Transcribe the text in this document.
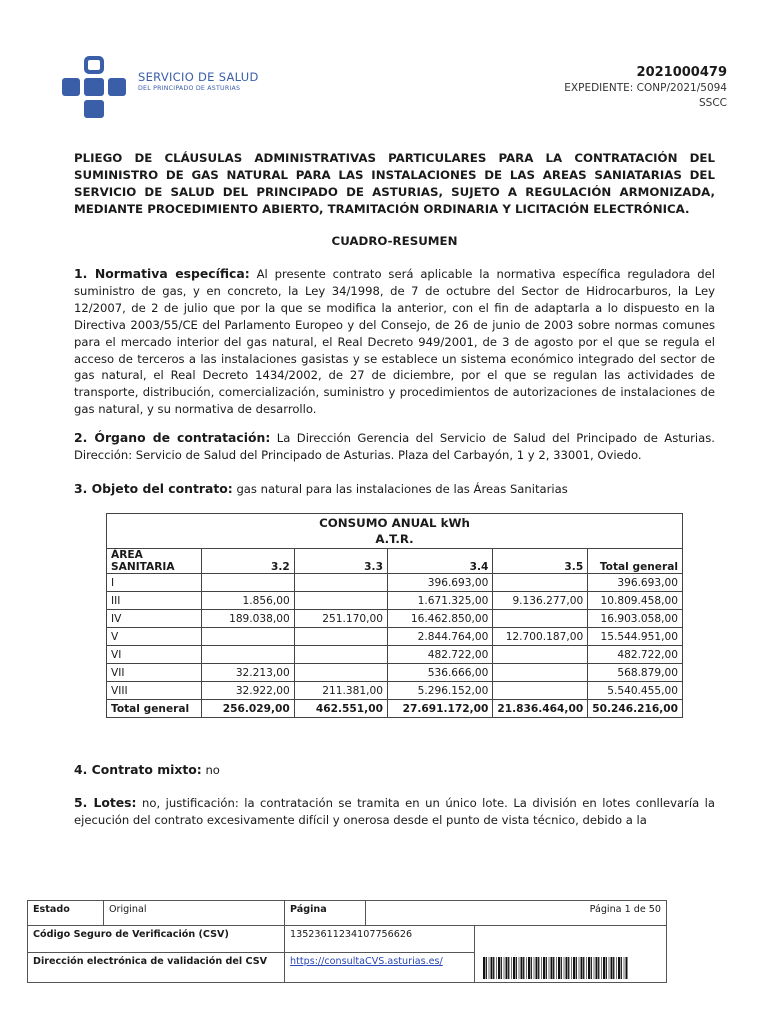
SERVICIO DE SALUD
DEL PRINCIPADO DE ASTURIAS
2021000479
EXPEDIENTE: CONP/2021/5094
SSCC
PLIEGO DE CLÁUSULAS ADMINISTRATIVAS PARTICULARES PARA LA CONTRATACIÓN DEL SUMINISTRO DE GAS NATURAL PARA LAS INSTALACIONES DE LAS AREAS SANIATARIAS DEL SERVICIO DE SALUD DEL PRINCIPADO DE ASTURIAS, SUJETO A REGULACIÓN ARMONIZADA, MEDIANTE PROCEDIMIENTO ABIERTO, TRAMITACIÓN ORDINARIA Y LICITACIÓN ELECTRÓNICA.
CUADRO-RESUMEN
1. Normativa específica: Al presente contrato será aplicable la normativa específica reguladora del suministro de gas, y en concreto, la Ley 34/1998, de 7 de octubre del Sector de Hidrocarburos, la Ley 12/2007, de 2 de julio que por la que se modifica la anterior, con el fin de adaptarla a lo dispuesto en la Directiva 2003/55/CE del Parlamento Europeo y del Consejo, de 26 de junio de 2003 sobre normas comunes para el mercado interior del gas natural, el Real Decreto 949/2001, de 3 de agosto por el que se regula el acceso de terceros a las instalaciones gasistas y se establece un sistema económico integrado del sector de gas natural, el Real Decreto 1434/2002, de 27 de diciembre, por el que se regulan las actividades de transporte, distribución, comercialización, suministro y procedimientos de autorizaciones de instalaciones de gas natural, y su normativa de desarrollo.
2. Órgano de contratación: La Dirección Gerencia del Servicio de Salud del Principado de Asturias. Dirección: Servicio de Salud del Principado de Asturias. Plaza del Carbayón, 1 y 2, 33001, Oviedo.
3. Objeto del contrato: gas natural para las instalaciones de las Áreas Sanitarias
CONSUMO ANUAL kWh
A.T.R.					

ÁREA
SANITARIA	3.2	3.3	3.4	3.5	Total general
I			396.693,00		396.693,00
III	1.856,00		1.671.325,00	9.136.277,00	10.809.458,00
IV	189.038,00	251.170,00	16.462.850,00		16.903.058,00
V			2.844.764,00	12.700.187,00	15.544.951,00
VI			482.722,00		482.722,00
VII	32.213,00		536.666,00		568.879,00
VIII	32.922,00	211.381,00	5.296.152,00		5.540.455,00
Total general	256.029,00	462.551,00	27.691.172,00	21.836.464,00	50.246.216,00
4. Contrato mixto: no
5. Lotes: no, justificación: la contratación se tramita en un único lote. La división en lotes conllevaría la ejecución del contrato excesivamente difícil y onerosa desde el punto de vista técnico, debido a la
Estado	Original	Página	Página 1 de 50	
Código Seguro de Verificación (CSV)		13523611234107756626	

Dirección electrónica de validación del CSV		https://consultaCVS.asturias.es/		
